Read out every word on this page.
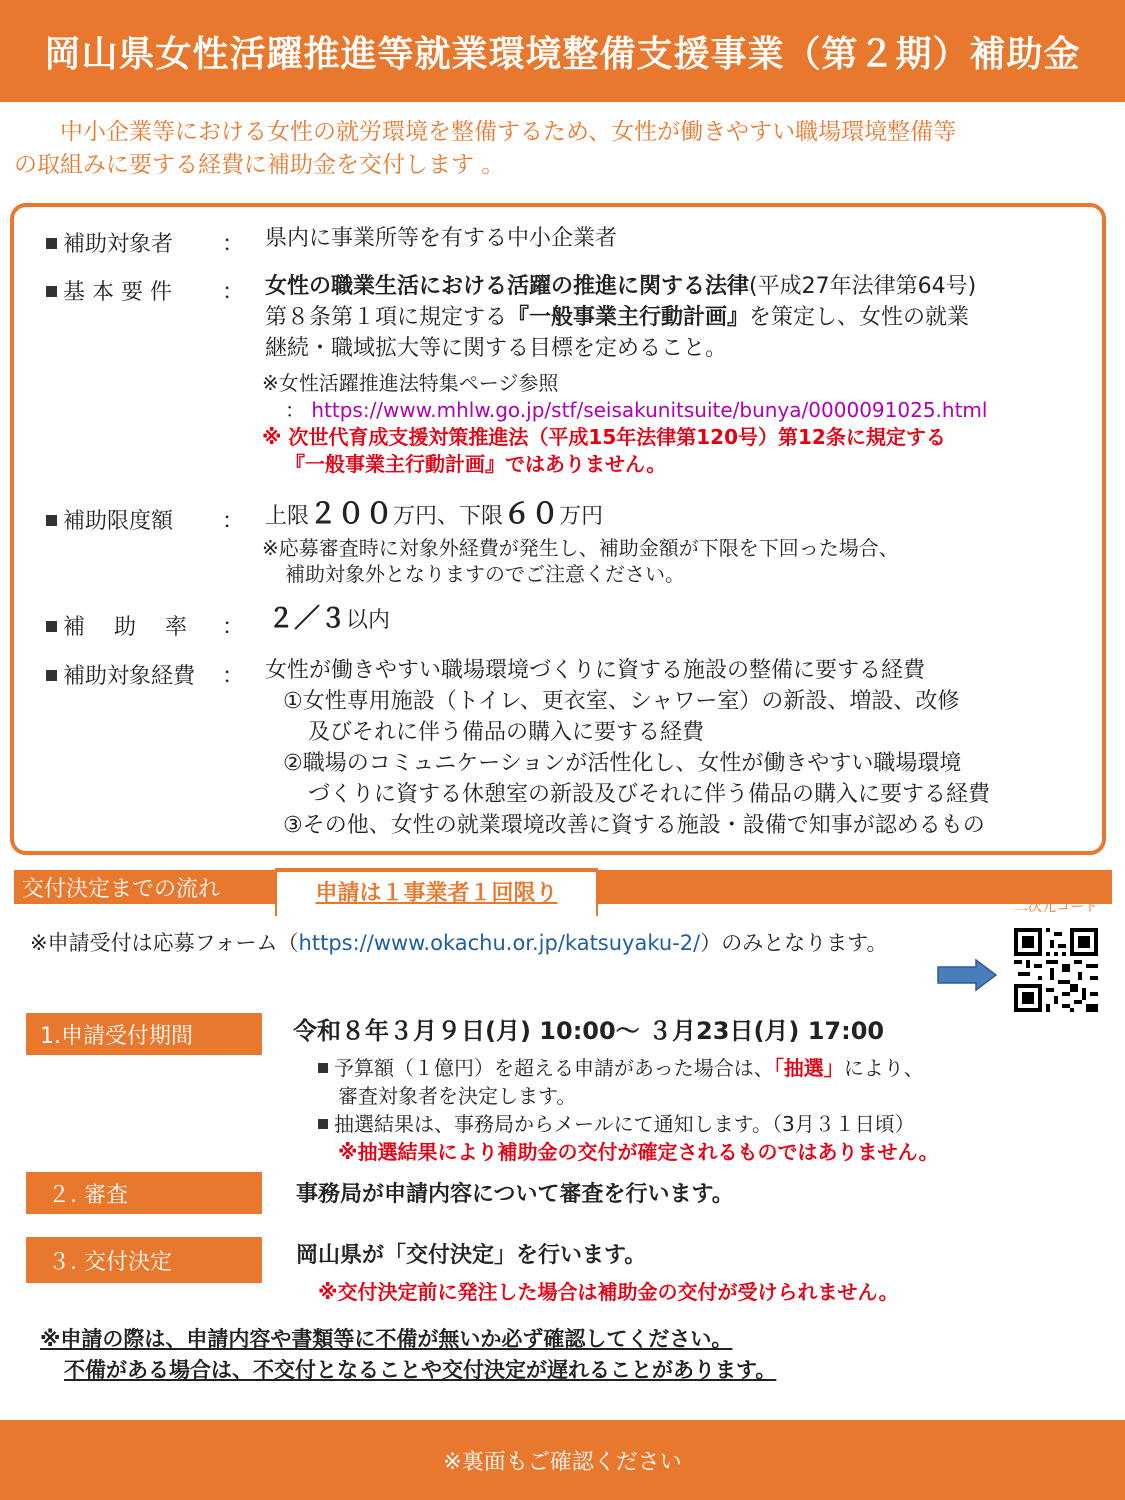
岡山県女性活躍推進等就業環境整備支援事業（第２期）補助金
中小企業等における女性の就労環境を整備するため、女性が働きやすい職場環境整備等
の取組みに要する経費に補助金を交付します 。
補助対象者 ： 県内に事業所等を有する中小企業者
基 本 要 件 ： 女性の職業生活における活躍の推進に関する法律(平成27年法律第64号)
第８条第１項に規定する『一般事業主行動計画』を策定し、女性の就業
継続・職域拡大等に関する目標を定めること。
※女性活躍推進法特集ページ参照
： https://www.mhlw.go.jp/stf/seisakunitsuite/bunya/0000091025.html
※ 次世代育成支援対策推進法（平成15年法律第120号）第12条に規定する
『一般事業主行動計画』ではありません。
補助限度額 ： 上限２００万円、下限６０万円
※応募審査時に対象外経費が発生し、補助金額が下限を下回った場合、
補助対象外となりますのでご注意ください。
補　 助　 率 ： ２／３以内
補助対象経費 ： 女性が働きやすい職場環境づくりに資する施設の整備に要する経費
①女性専用施設（トイレ、更衣室、シャワー室）の新設、増設、改修
及びそれに伴う備品の購入に要する経費
②職場のコミュニケーションが活性化し、女性が働きやすい職場環境
づくりに資する休憩室の新設及びそれに伴う備品の購入に要する経費
③その他、女性の就業環境改善に資する施設・設備で知事が認めるもの
交付決定までの流れ	申請は１事業者１回限り	専用サイト
二次元コード
※申請受付は応募フォーム（https://www.okachu.or.jp/katsuyaku-2/）のみとなります。
1.申請受付期間	令和８年３月９日(月) 10:00～ ３月23日(月) 17:00
予算額（１億円）を超える申請があった場合は、「抽選」により、
審査対象者を決定します。
抽選結果は、事務局からメールにて通知します。（3月３１日頃）
※抽選結果により補助金の交付が確定されるものではありません。
２. 審査	事務局が申請内容について審査を行います。
３. 交付決定	岡山県が「交付決定」を行います。
※交付決定前に発注した場合は補助金の交付が受けられません。
※申請の際は、申請内容や書類等に不備が無いか必ず確認してください。
不備がある場合は、不交付となることや交付決定が遅れることがあります。
※裏面もご確認ください
